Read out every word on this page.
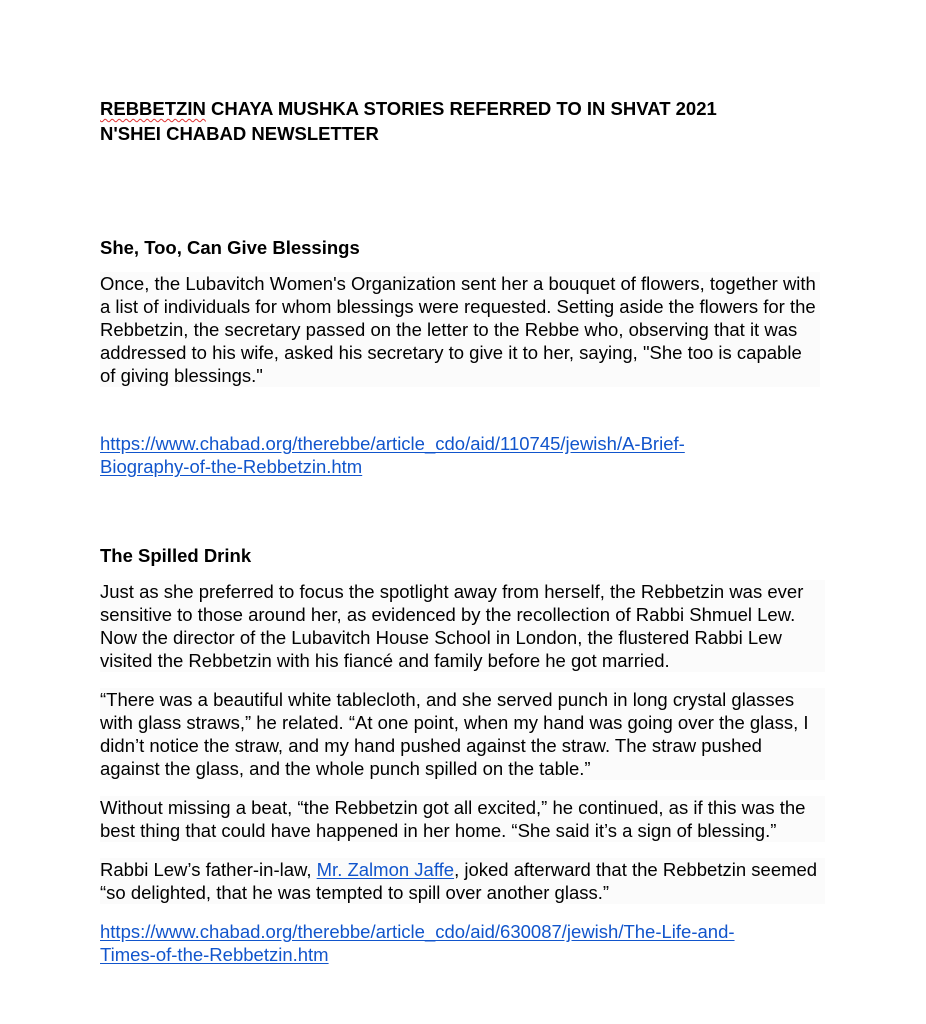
REBBETZIN CHAYA MUSHKA STORIES REFERRED TO IN SHVAT 2021
N'SHEI CHABAD NEWSLETTER
She, Too, Can Give Blessings

Once, the Lubavitch Women's Organization sent her a bouquet of flowers, together with a list of individuals for whom blessings were requested. Setting aside the flowers for the Rebbetzin, the secretary passed on the letter to the Rebbe who, observing that it was addressed to his wife, asked his secretary to give it to her, saying, "She too is capable of giving blessings."

https://www.chabad.org/therebbe/article_cdo/aid/110745/jewish/A-Brief-
Biography-of-the-Rebbetzin.htm

The Spilled Drink

Just as she preferred to focus the spotlight away from herself, the Rebbetzin was ever sensitive to those around her, as evidenced by the recollection of Rabbi Shmuel Lew. Now the director of the Lubavitch House School in London, the flustered Rabbi Lew visited the Rebbetzin with his fiancé and family before he got married.

“There was a beautiful white tablecloth, and she served punch in long crystal glasses with glass straws,” he related. “At one point, when my hand was going over the glass, I didn’t notice the straw, and my hand pushed against the straw. The straw pushed against the glass, and the whole punch spilled on the table.”

Without missing a beat, “the Rebbetzin got all excited,” he continued, as if this was the best thing that could have happened in her home. “She said it’s a sign of blessing.”

Rabbi Lew’s father-in-law, Mr. Zalmon Jaffe, joked afterward that the Rebbetzin seemed “so delighted, that he was tempted to spill over another glass.”

https://www.chabad.org/therebbe/article_cdo/aid/630087/jewish/The-Life-and-
Times-of-the-Rebbetzin.htm
